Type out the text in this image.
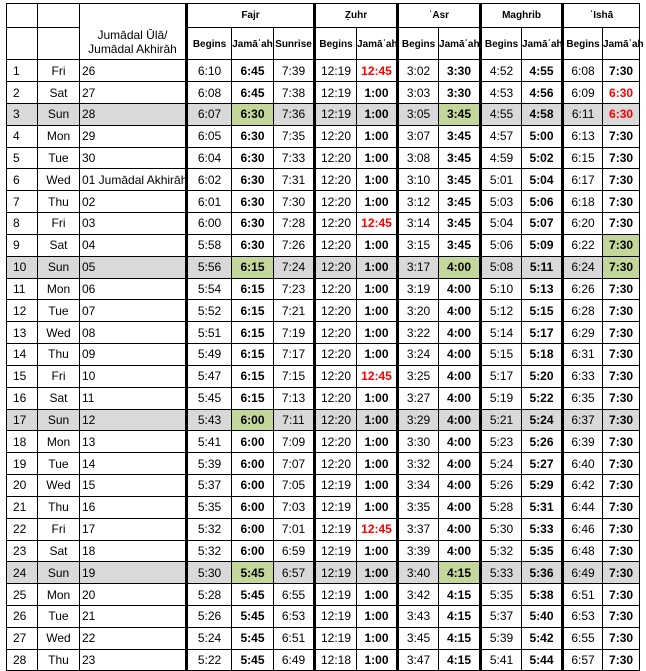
			Fajr			Ẓuhr		ʿAsr		Maghrib		ʿIshā	
		Jumādal Ūlā/
Jumādal Akhirāh	Begins	Jamāʿah	Sunrise	Begins	Jamāʿah	Begins	Jamāʿah	Begins	Jamāʿah	Begins	Jamāʿah
1	Fri	26	6:10	6:45	7:39	12:19	12:45	3:02	3:30	4:52	4:55	6:08	7:30
2	Sat	27	6:08	6:45	7:38	12:19	1:00	3:03	3:30	4:53	4:56	6:09	6:30
3	Sun	28	6:07	6:30	7:36	12:19	1:00	3:05	3:45	4:55	4:58	6:11	6:30
4	Mon	29	6:05	6:30	7:35	12:20	1:00	3:07	3:45	4:57	5:00	6:13	7:30
5	Tue	30	6:04	6:30	7:33	12:20	1:00	3:08	3:45	4:59	5:02	6:15	7:30
6	Wed	01 Jumādal Akhirāh	6:02	6:30	7:31	12:20	1:00	3:10	3:45	5:01	5:04	6:17	7:30
7	Thu	02	6:01	6:30	7:30	12:20	1:00	3:12	3:45	5:03	5:06	6:18	7:30
8	Fri	03	6:00	6:30	7:28	12:20	12:45	3:14	3:45	5:04	5:07	6:20	7:30
9	Sat	04	5:58	6:30	7:26	12:20	1:00	3:15	3:45	5:06	5:09	6:22	7:30
10	Sun	05	5:56	6:15	7:24	12:20	1:00	3:17	4:00	5:08	5:11	6:24	7:30
11	Mon	06	5:54	6:15	7:23	12:20	1:00	3:19	4:00	5:10	5:13	6:26	7:30
12	Tue	07	5:52	6:15	7:21	12:20	1:00	3:20	4:00	5:12	5:15	6:28	7:30
13	Wed	08	5:51	6:15	7:19	12:20	1:00	3:22	4:00	5:14	5:17	6:29	7:30
14	Thu	09	5:49	6:15	7:17	12:20	1:00	3:24	4:00	5:15	5:18	6:31	7:30
15	Fri	10	5:47	6:15	7:15	12:20	12:45	3:25	4:00	5:17	5:20	6:33	7:30
16	Sat	11	5:45	6:15	7:13	12:20	1:00	3:27	4:00	5:19	5:22	6:35	7:30
17	Sun	12	5:43	6:00	7:11	12:20	1:00	3:29	4:00	5:21	5:24	6:37	7:30
18	Mon	13	5:41	6:00	7:09	12:20	1:00	3:30	4:00	5:23	5:26	6:39	7:30
19	Tue	14	5:39	6:00	7:07	12:20	1:00	3:32	4:00	5:24	5:27	6:40	7:30
20	Wed	15	5:37	6:00	7:05	12:19	1:00	3:34	4:00	5:26	5:29	6:42	7:30
21	Thu	16	5:35	6:00	7:03	12:19	1:00	3:35	4:00	5:28	5:31	6:44	7:30
22	Fri	17	5:32	6:00	7:01	12:19	12:45	3:37	4:00	5:30	5:33	6:46	7:30
23	Sat	18	5:32	6:00	6:59	12:19	1:00	3:39	4:00	5:32	5:35	6:48	7:30
24	Sun	19	5:30	5:45	6:57	12:19	1:00	3:40	4:15	5:33	5:36	6:49	7:30
25	Mon	20	5:28	5:45	6:55	12:19	1:00	3:42	4:15	5:35	5:38	6:51	7:30
26	Tue	21	5:26	5:45	6:53	12:19	1:00	3:43	4:15	5:37	5:40	6:53	7:30
27	Wed	22	5:24	5:45	6:51	12:19	1:00	3:45	4:15	5:39	5:42	6:55	7:30
28	Thu	23	5:22	5:45	6:49	12:18	1:00	3:47	4:15	5:41	5:44	6:57	7:30
